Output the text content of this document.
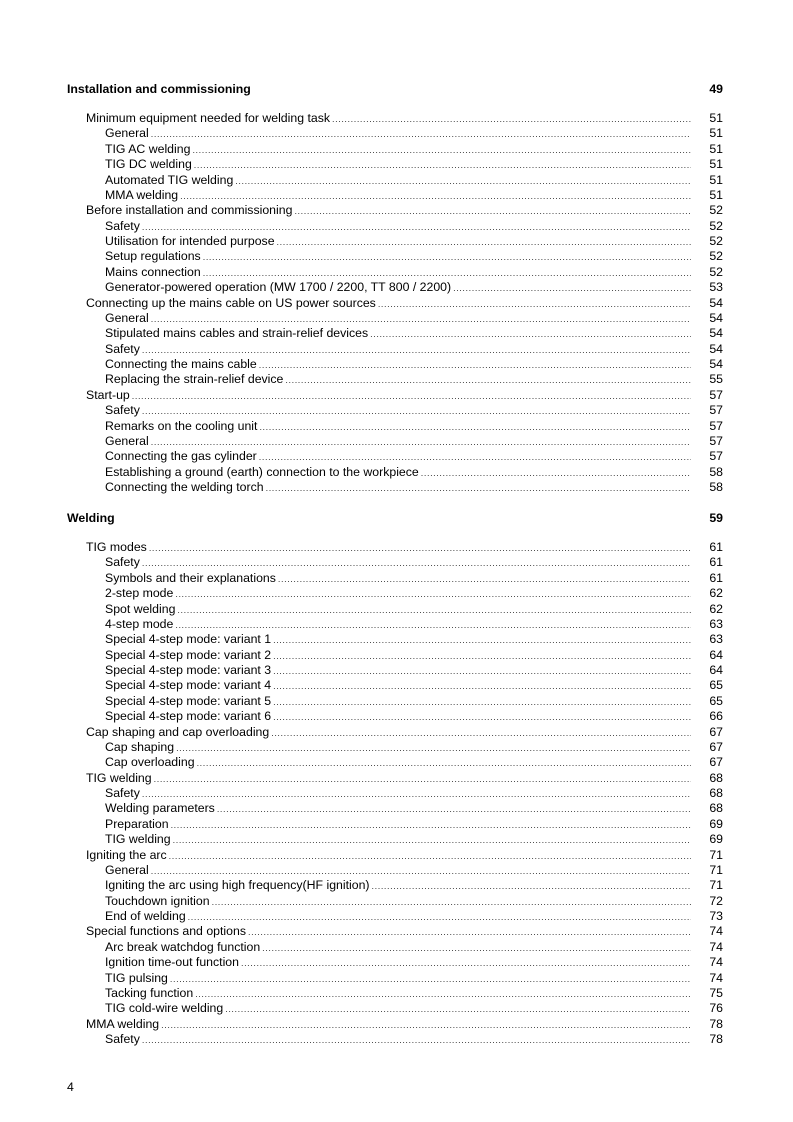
Installation and commissioning	49
Minimum equipment needed for welding task .....	51
General .....	51
TIG AC welding .....	51
TIG DC welding .....	51
Automated TIG welding .....	51
MMA welding .....	51
Before installation and commissioning .....	52
Safety .....	52
Utilisation for intended purpose .....	52
Setup regulations .....	52
Mains connection .....	52
Generator-powered operation (MW 1700 / 2200, TT 800 / 2200) .....	53
Connecting up the mains cable on US power sources .....	54
General .....	54
Stipulated mains cables and strain-relief devices .....	54
Safety .....	54
Connecting the mains cable .....	54
Replacing the strain-relief device .....	55
Start-up .....	57
Safety .....	57
Remarks on the cooling unit .....	57
General .....	57
Connecting the gas cylinder .....	57
Establishing a ground (earth) connection to the workpiece .....	58
Connecting the welding torch .....	58
Welding	59
TIG modes .....	61
Safety .....	61
Symbols and their explanations .....	61
2-step mode .....	62
Spot welding .....	62
4-step mode .....	63
Special 4-step mode: variant 1 .....	63
Special 4-step mode: variant 2 .....	64
Special 4-step mode: variant 3 .....	64
Special 4-step mode: variant 4 .....	65
Special 4-step mode: variant 5 .....	65
Special 4-step mode: variant 6 .....	66
Cap shaping and cap overloading .....	67
Cap shaping .....	67
Cap overloading .....	67
TIG welding .....	68
Safety .....	68
Welding parameters .....	68
Preparation .....	69
TIG welding .....	69
Igniting the arc .....	71
General .....	71
Igniting the arc using high frequency(HF ignition) .....	71
Touchdown ignition .....	72
End of welding .....	73
Special functions and options .....	74
Arc break watchdog function .....	74
Ignition time-out function .....	74
TIG pulsing .....	74
Tacking function .....	75
TIG cold-wire welding .....	76
MMA welding .....	78
Safety .....	78
4
